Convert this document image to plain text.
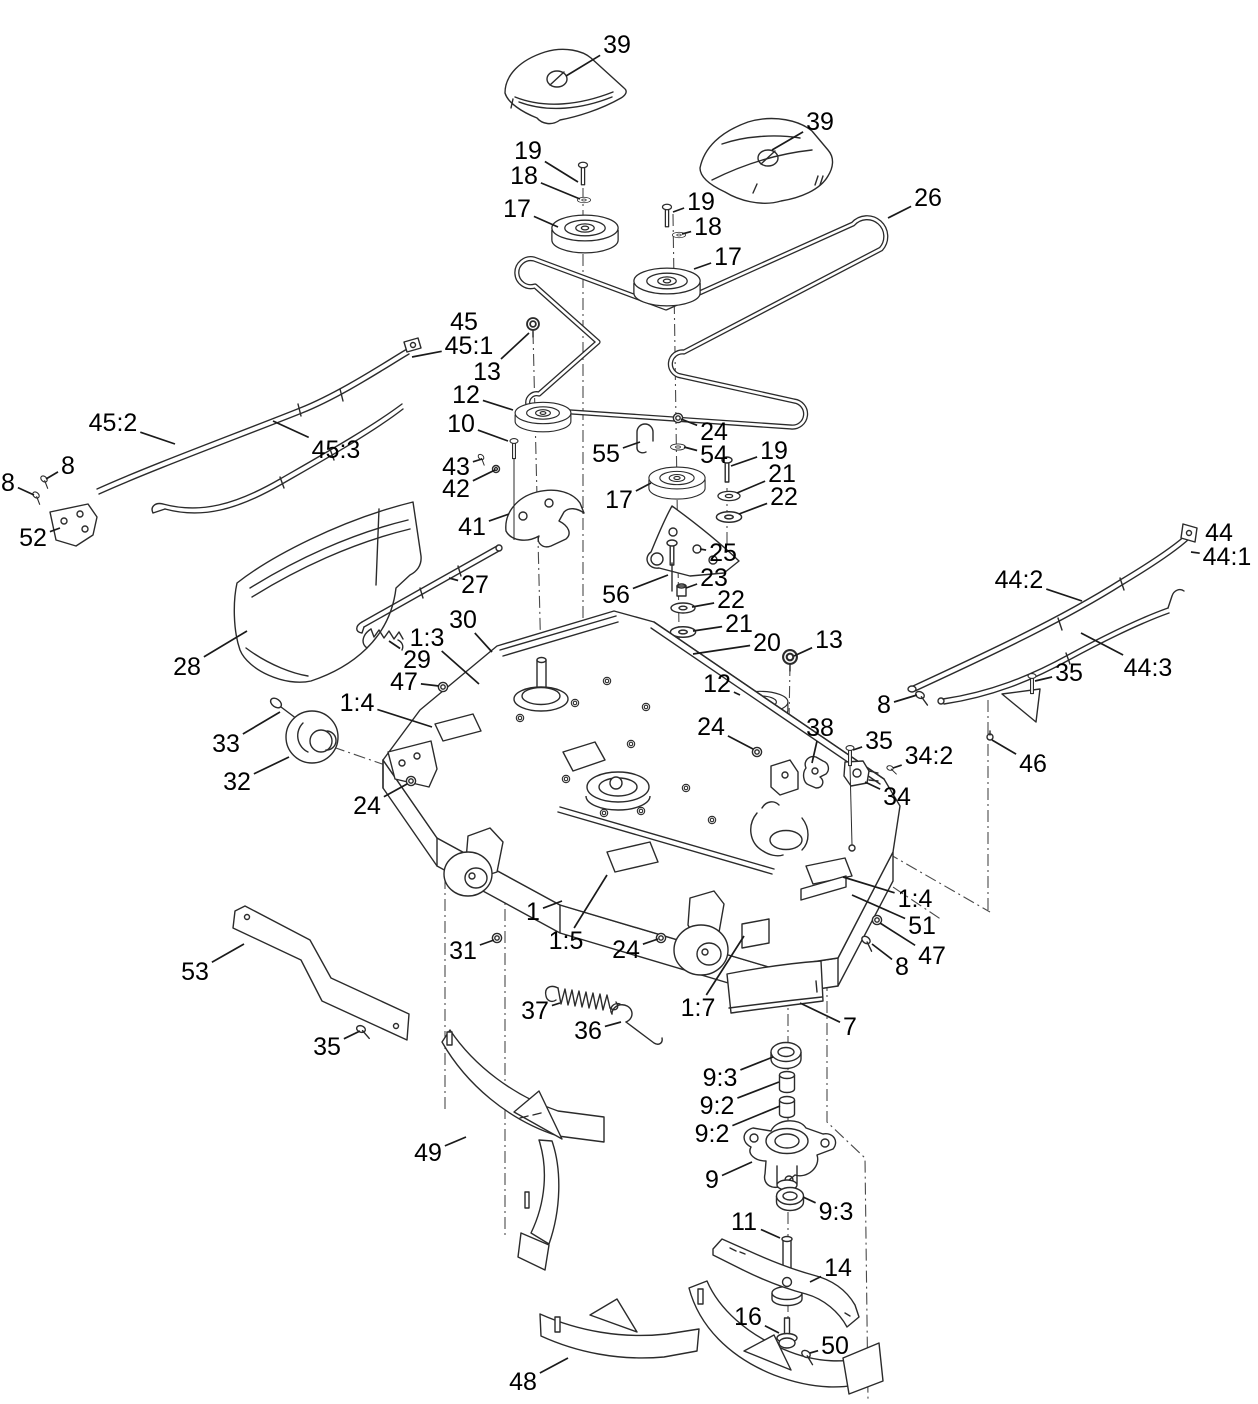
39
39
19
18
17	19
18
17
26
45
45:1
13
12
10
45:2
45:3
8
8
43
42
52	41
27
55
24
54 19
21
22
17
25
23
56	22
21
20 13
12
24	38 35
34:2
34
8
44
44:1
44:2
44:3
35
46
28
30
1:3
29
47
1:4
33
32
24
1
1:5
31	24
1:4
51
47
8
1:7
7
37
36
53
35
49
9:3
9:2
9:2
9
9:3
11
14
16
50
48
